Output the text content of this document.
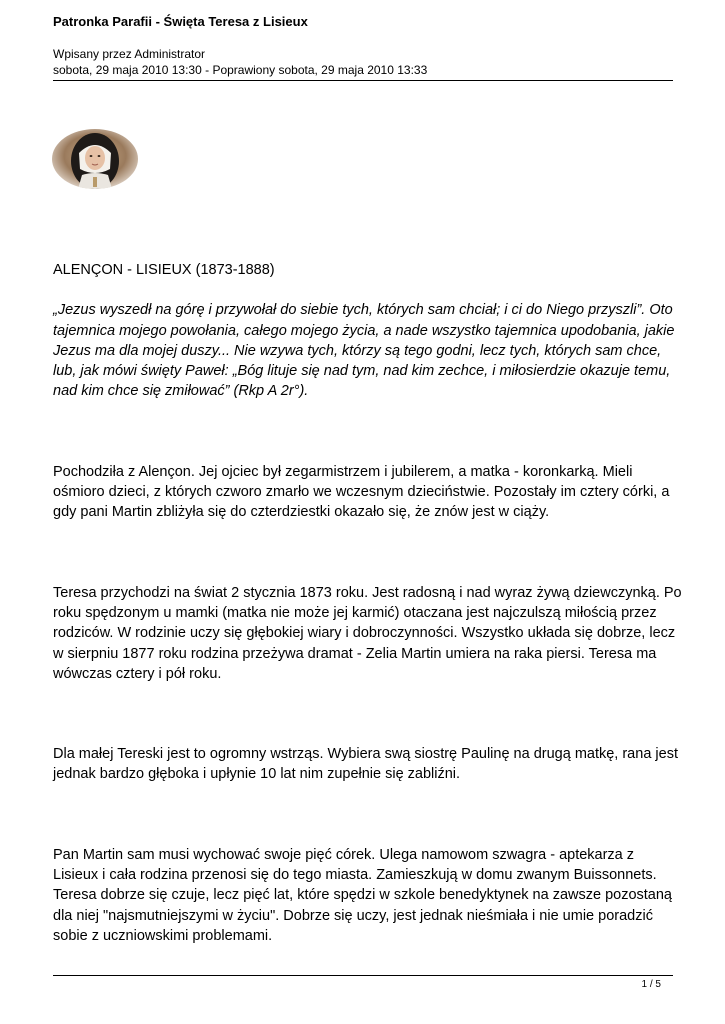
Patronka Parafii - Święta Teresa z Lisieux
Wpisany przez Administrator
sobota, 29 maja 2010 13:30 - Poprawiony sobota, 29 maja 2010 13:33

ALENÇON - LISIEUX (1873-1888)

„Jezus wyszedł na górę i przywołał do siebie tych, których sam chciał; i ci do Niego przyszli”. Oto tajemnica mojego powołania, całego mojego życia, a nade wszystko tajemnica upodobania, jakie Jezus ma dla mojej duszy... Nie wzywa tych, którzy są tego godni, lecz tych, których sam chce, lub, jak mówi święty Paweł: „Bóg lituje się nad tym, nad kim zechce, i miłosierdzie okazuje temu, nad kim chce się zmiłować” (Rkp A 2r°).

Pochodziła z Alençon. Jej ojciec był zegarmistrzem i jubilerem, a matka - koronkarką. Mieli ośmioro dzieci, z których czworo zmarło we wczesnym dzieciństwie. Pozostały im cztery córki, a gdy pani Martin zbliżyła się do czterdziestki okazało się, że znów jest w ciąży.

Teresa przychodzi na świat 2 stycznia 1873 roku. Jest radosną i nad wyraz żywą dziewczynką. Po roku spędzonym u mamki (matka nie może jej karmić) otaczana jest najczulszą miłością przez rodziców. W rodzinie uczy się głębokiej wiary i dobroczynności. Wszystko układa się dobrze, lecz w sierpniu 1877 roku rodzina przeżywa dramat - Zelia Martin umiera na raka piersi. Teresa ma wówczas cztery i pół roku.

Dla małej Tereski jest to ogromny wstrząs. Wybiera swą siostrę Paulinę na drugą matkę, rana jest jednak bardzo głęboka i upłynie 10 lat nim zupełnie się zabliźni.

Pan Martin sam musi wychować swoje pięć córek. Ulega namowom szwagra - aptekarza z Lisieux i cała rodzina przenosi się do tego miasta. Zamieszkują w domu zwanym Buissonnets. Teresa dobrze się czuje, lecz pięć lat, które spędzi w szkole benedyktynek na zawsze pozostaną dla niej "najsmutniejszymi w życiu". Dobrze się uczy, jest jednak nieśmiała i nie umie poradzić sobie z uczniowskimi problemami.

1 / 5
